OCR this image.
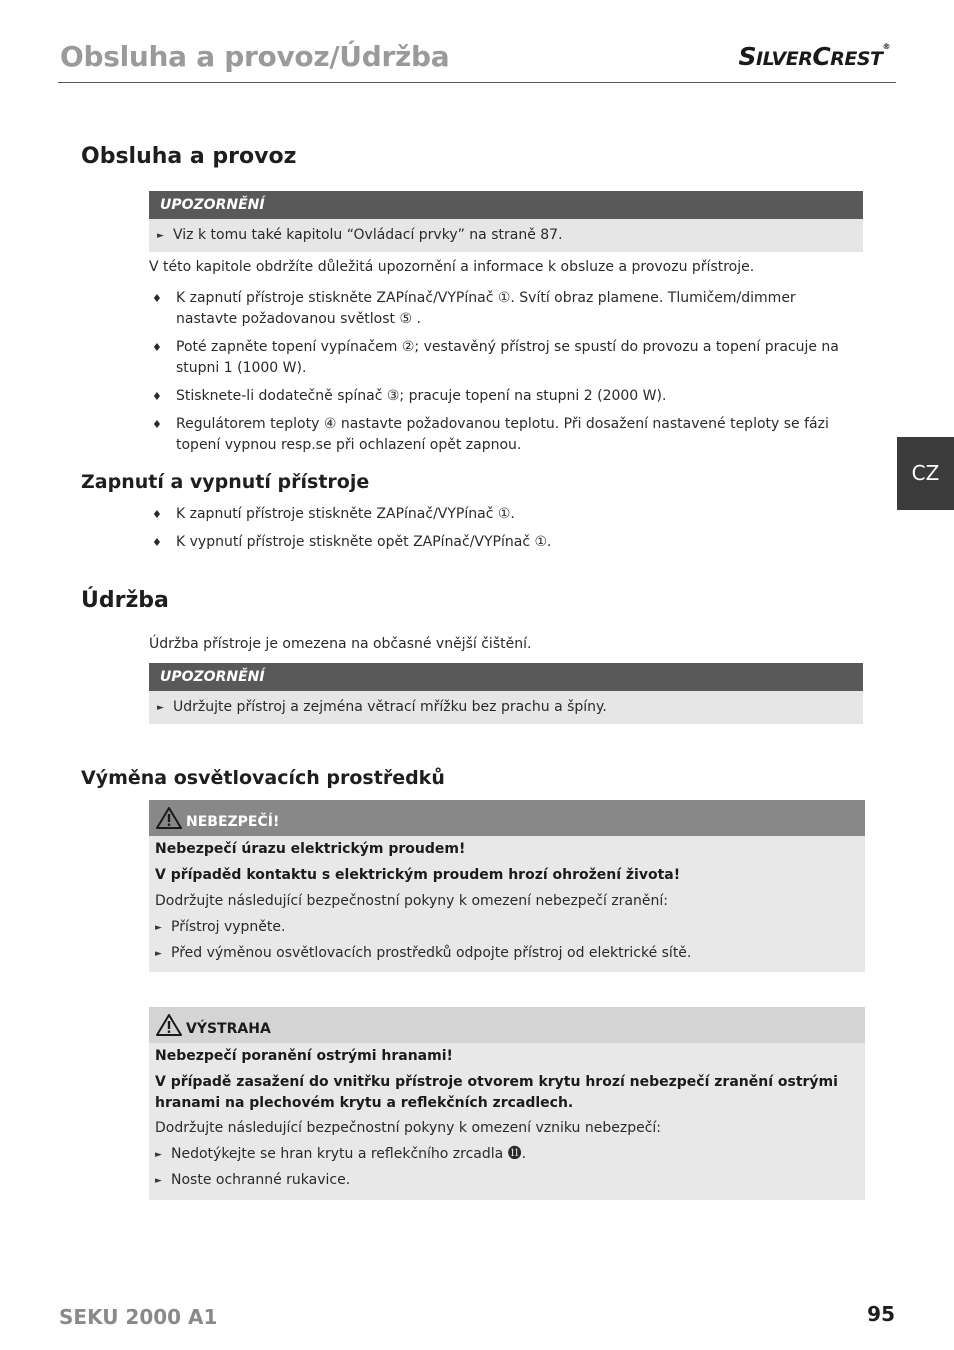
Obsluha a provoz/Údržba	SILVERCREST®
Obsluha a provoz
UPOZORNĚNÍ
► Viz k tomu také kapitolu “Ovládací prvky” na straně 87.
V této kapitole obdržíte důležitá upozornění a informace k obsluze a provozu přístroje.
♦ K zapnutí přístroje stiskněte ZAPínač/VYPínač ①. Svítí obraz plamene. Tlumičem/dimmer nastavte požadovanou světlost ⑤ .
♦ Poté zapněte topení vypínačem ②; vestavěný přístroj se spustí do provozu a topení pracuje na stupni 1 (1000 W).
♦ Stisknete-li dodatečně spínač ③; pracuje topení na stupni 2 (2000 W).
♦ Regulátorem teploty ④ nastavte požadovanou teplotu. Při dosažení nastavené teploty se fázi topení vypnou resp.se při ochlazení opět zapnou.
Zapnutí a vypnutí přístroje
♦ K zapnutí přístroje stiskněte ZAPínač/VYPínač ①.
♦ K vypnutí přístroje stiskněte opět ZAPínač/VYPínač ①.
Údržba
Údržba přístroje je omezena na občasné vnější čištění.
UPOZORNĚNÍ
► Udržujte přístroj a zejména větrací mřížku bez prachu a špíny.
Výměna osvětlovacích prostředků
NEBEZPEČÍ!
Nebezpečí úrazu elektrickým proudem!
V případěd kontaktu s elektrickým proudem hrozí ohrožení života!
Dodržujte následující bezpečnostní pokyny k omezení nebezpečí zranění:
► Přístroj vypněte.
► Před výměnou osvětlovacích prostředků odpojte přístroj od elektrické sítě.
VÝSTRAHA
Nebezpečí poranění ostrými hranami!
V případě zasažení do vnitřku přístroje otvorem krytu hrozí nebezpečí zranění ostrými hranami na plechovém krytu a reflekčních zrcadlech.
Dodržujte následující bezpečnostní pokyny k omezení vzniku nebezpečí:
► Nedotýkejte se hran krytu a reflekčního zrcadla ⓫.
► Noste ochranné rukavice.
CZ
SEKU 2000 A1	95
